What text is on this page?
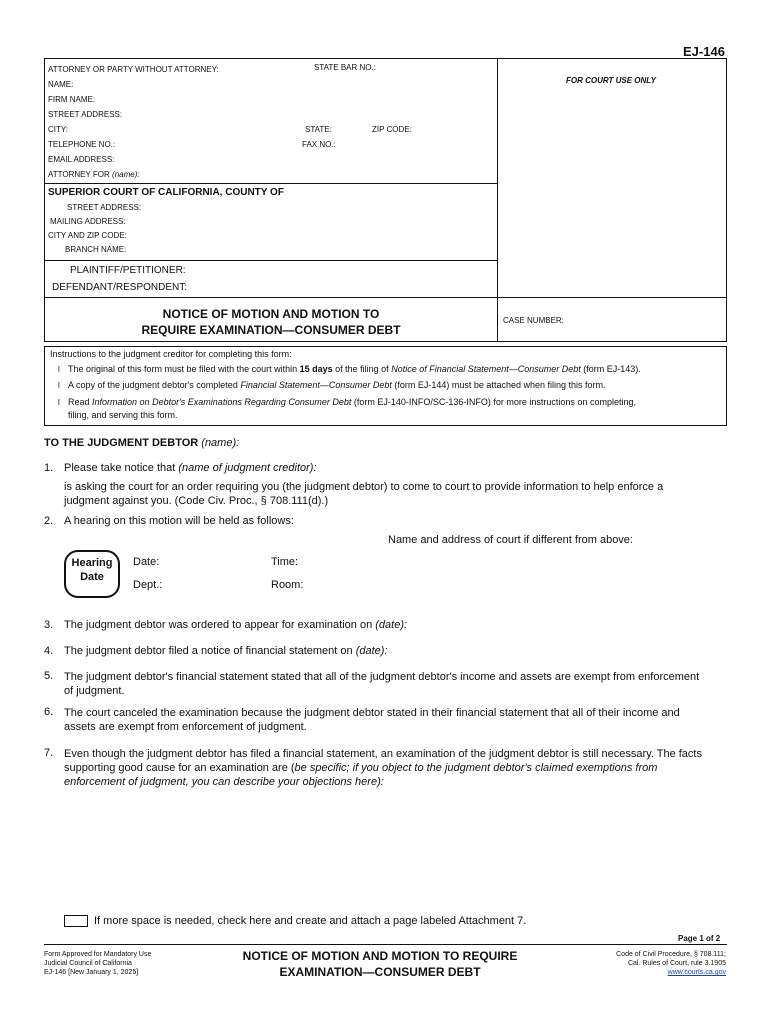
EJ-146
ATTORNEY OR PARTY WITHOUT ATTORNEY:	STATE BAR NO.:
NAME:
FIRM NAME:
STREET ADDRESS:
CITY:	STATE:	ZIP CODE:
TELEPHONE NO.:	FAX NO.:
EMAIL ADDRESS:
ATTORNEY FOR (name):
FOR COURT USE ONLY
SUPERIOR COURT OF CALIFORNIA, COUNTY OF
STREET ADDRESS:
MAILING ADDRESS:
CITY AND ZIP CODE:
BRANCH NAME:
PLAINTIFF/PETITIONER:
DEFENDANT/RESPONDENT:
NOTICE OF MOTION AND MOTION TO
REQUIRE EXAMINATION—CONSUMER DEBT
CASE NUMBER:
Instructions to the judgment creditor for completing this form:
l The original of this form must be filed with the court within 15 days of the filing of Notice of Financial Statement—Consumer Debt (form EJ-143).
l A copy of the judgment debtor's completed Financial Statement—Consumer Debt (form EJ-144) must be attached when filing this form.
l Read Information on Debtor's Examinations Regarding Consumer Debt (form EJ-140-INFO/SC-136-INFO) for more instructions on completing,
filing, and serving this form.
TO THE JUDGMENT DEBTOR (name):
1. Please take notice that (name of judgment creditor):
is asking the court for an order requiring you (the judgment debtor) to come to court to provide information to help enforce a
judgment against you. (Code Civ. Proc., § 708.111(d).)
2. A hearing on this motion will be held as follows:
Name and address of court if different from above:
Hearing
Date
Date:	Time:
Dept.:	Room:
3. The judgment debtor was ordered to appear for examination on (date):
4. The judgment debtor filed a notice of financial statement on (date):
5. The judgment debtor's financial statement stated that all of the judgment debtor's income and assets are exempt from enforcement
of judgment.
6. The court canceled the examination because the judgment debtor stated in their financial statement that all of their income and
assets are exempt from enforcement of judgment.
7. Even though the judgment debtor has filed a financial statement, an examination of the judgment debtor is still necessary. The facts
supporting good cause for an examination are (be specific; if you object to the judgment debtor's claimed exemptions from
enforcement of judgment, you can describe your objections here):
If more space is needed, check here and create and attach a page labeled Attachment 7.
Page 1 of 2
Form Approved for Mandatory Use
Judicial Council of California
EJ-146 [New January 1, 2025]
NOTICE OF MOTION AND MOTION TO REQUIRE
EXAMINATION—CONSUMER DEBT
Code of Civil Procedure, § 708.111;
Cal. Rules of Court, rule 3.1905
www.courts.ca.gov
